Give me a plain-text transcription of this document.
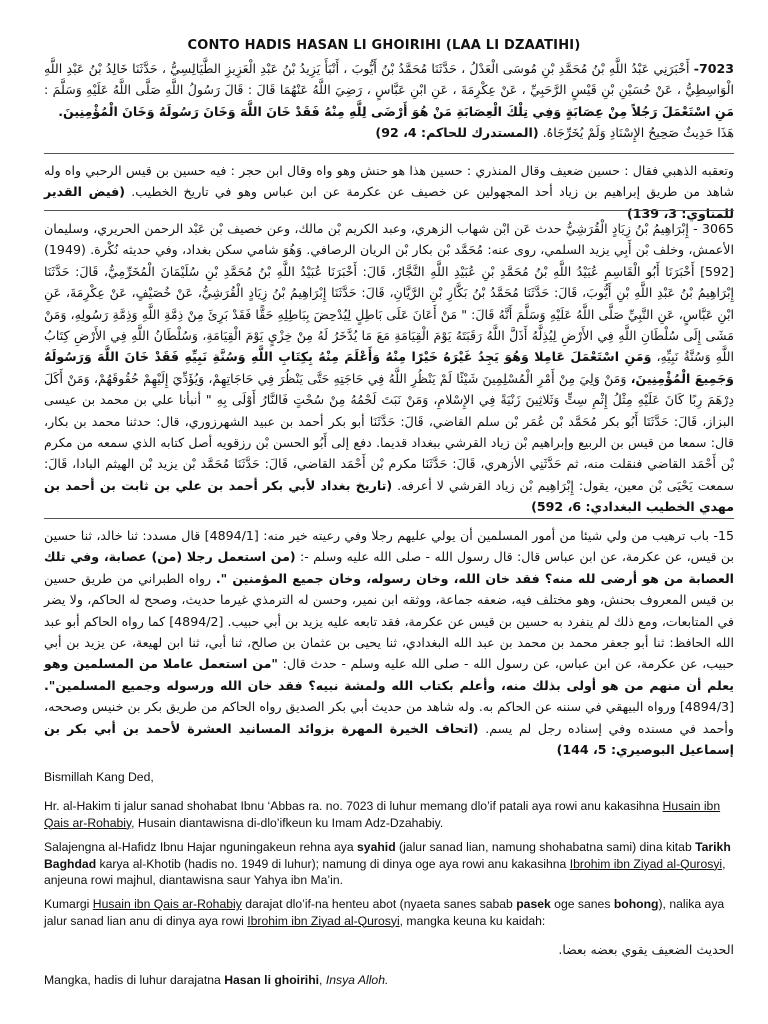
CONTO HADIS HASAN LI GHOIRIHI (LAA LI DZAATIHI)

7023- أَخْبَرَنِي عَبْدُ اللَّهِ بْنُ مُحَمَّدِ بْنِ مُوسَى الْعَدْلُ ، حَدَّثَنَا مُحَمَّدُ بْنُ أَيُّوبَ ، أَنْبَأَ يَزِيدُ بْنُ عَبْدِ الْعَزِيزِ الطَّيَالِسِيُّ ، حَدَّثَنَا خَالِدُ بْنُ عَبْدِ اللَّهِ الْوَاسِطِيُّ ، عَنْ حُسَيْنِ بْنِ قَيْسٍ الرَّحَبِيِّ ، عَنْ عِكْرِمَةَ ، عَنِ ابْنِ عَبَّاسٍ ، رَضِيَ اللَّهُ عَنْهُمَا قَالَ : قَالَ رَسُولُ اللَّهِ صَلَّى اللَّهُ عَلَيْهِ وَسَلَّمَ : مَنِ اسْتَعْمَلَ رَجُلاً مِنْ عِصَابَةٍ وَفِي تِلْكَ الْعِصَابَةِ مَنْ هُوَ أَرْضَى لِلَّهِ مِنْهُ فَقَدْ خَانَ اللَّهَ وَخَانَ رَسُولَهُ وَخَانَ الْمُؤْمِنِينَ.

هَذَا حَدِيثٌ صَحِيحُ الإِسْنَادِ وَلَمْ يُخَرِّجَاهُ. (المستدرك للحاكم: 4، 92)

وتعقبه الذهبي فقال : حسين ضعيف وقال المنذري : حسين هذا هو حنش وهو واه وقال ابن حجر : فيه حسين بن قيس الرحبي واه وله شاهد من طريق إبراهيم بن زياد أحد المجهولين عن خصيف عن عكرمة عن ابن عباس وهو في تاريخ الخطيب. (فيض القدير للمناوي: 3، 139)

3065 - إِبْرَاهِيمُ بْنُ زِيَادٍ الْقُرَشِيُّ حدث عَن ابْن شهاب الزهري، وعبد الكريم بْن مالك، وعن خصيف بْن عَبْد الرحمن الحريري، وسليمان الأعمش، وخلف بْن أَبِي يزيد السلمي، روى عنه: مُحَمَّد بْن بكار بْن الريان الرصافي. وَهُوَ شامي سكن بغداد، وفي حديثه نُكْرة. (1949) [592] أَخْبَرَنَا أَبُو الْقَاسِمِ عُبَيْدُ اللَّهِ بْنُ مُحَمَّدِ بْنِ عُبَيْدِ اللَّهِ النَّجَّارُ، قَالَ: أَخْبَرَنَا عُبَيْدُ اللَّهِ بْنُ مُحَمَّدِ بْنِ سُلَيْمَانَ الْمُخَرِّمِيُّ، قَالَ: حَدَّثَنَا إِبْرَاهِيمُ بْنُ عَبْدِ اللَّهِ بْنِ أَيُّوبَ، قَالَ: حَدَّثَنَا مُحَمَّدُ بْنُ بَكَّارِ بْنِ الرَّيَّانِ، قَالَ: حَدَّثَنَا إِبْرَاهِيمُ بْنُ زِيَادٍ الْقُرَشِيُّ، عَنْ خُصَيْفٍ، عَنْ عِكْرِمَةَ، عَنِ ابْنِ عَبَّاسٍ، عَنِ النَّبِيِّ صَلَّى اللَّهُ عَلَيْهِ وَسَلَّمَ أَنَّهُ قَالَ: " مَنْ أَعَانَ عَلَى بَاطِلٍ لِيُدْحِضَ بِبَاطِلِهِ حَقًّا فَقَدْ بَرِئَ مِنْ ذِمَّةِ اللَّهِ وَذِمَّةِ رَسُولِهِ، وَمَنْ مَشَى إِلَى سُلْطَانِ اللَّهِ فِي الأَرْضِ لِيُذِلَّهُ أَذَلَّ اللَّهُ رَقَبَتَهُ يَوْمَ الْقِيَامَةِ مَعَ مَا يُدَّخَرُ لَهُ مِنْ خِزْيٍ يَوْمَ الْقِيَامَةِ، وَسُلْطَانُ اللَّهِ فِي الأَرْضِ كِتَابُ اللَّهِ وَسُنَّةُ نَبِيِّهِ، وَمَنِ اسْتَعْمَلَ عَامِلا وَهُوَ يَجِدُ غَيْرَهُ خَيْرًا مِنْهُ وَأَعْلَمَ مِنْهُ بِكِتَابِ اللَّهِ وَسُنَّةِ نَبِيِّهِ فَقَدْ خَانَ اللَّهَ وَرَسُولَهُ وَجَمِيعَ الْمُؤْمِنِينَ، وَمَنْ وَلِيَ مِنْ أَمْرِ الْمُسْلِمِينَ شَيْئًا لَمْ يَنْظُرِ اللَّهُ فِي حَاجَتِهِ حَتَّى يَنْظُرَ فِي حَاجَاتِهِمْ، وَيُؤَدِّيَ إِلَيْهِمْ حُقُوقَهُمْ، وَمَنْ أَكَلَ دِرْهَمَ رِبًا كَانَ عَلَيْهِ مِثْلُ إِثْمِ سِتٍّ وَثَلاثِينَ زَنْيَةً فِي الإِسْلامِ، وَمَنْ نَبَتَ لَحْمُهُ مِنْ سُحْتٍ فَالنَّارُ أَوْلَى بِهِ " أنبأنا علي بن محمد بن عيسى البزاز، قَالَ: حَدَّثَنَا أَبُو بكر مُحَمَّد بْن عُمَر بْن سلم القاضي، قَالَ: حَدَّثَنَا أبو بكر أحمد بن عبيد الشهرزوري، قال: حدثنا محمد بن بكار، قال: سمعا من قيس بن الربيع وإبراهيم بْن زياد القرشي ببغداد قديما. دفع إلى أَبُو الحسن بْن رزقويه أصل كتابه الذي سمعه من مكرم بْن أَحْمَد القاضي فنقلت منه، ثم حَدَّثَنِي الأزهري، قَالَ: حَدَّثَنَا مكرم بْن أَحْمَد القاضي، قَالَ: حَدَّثَنَا مُحَمَّد بْن يزيد بْن الهيثم البادا، قَالَ: سمعت يَحْيَى بْن معين، يقول: إِبْرَاهِيم بْن زياد القرشي لا أعرفه. (تاريخ بغداد لأبي بكر أحمد بن علي بن ثابت بن أحمد بن مهدي الخطيب البغدادي: 6، 592)

15- باب ترهيب من ولي شيئا من أمور المسلمين أن يولي عليهم رجلا وفي رعيته خير منه: [4894/1] قال مسدد: ثنا خالد، ثنا حسين بن قيس، عن عكرمة، عن ابن عباس قال: قال رسول الله - صلى الله عليه وسلم -: (من استعمل رجلا (من) عصابة، وفي تلك العصابة من هو أرضى لله منه؟ فقد خان الله، وخان رسوله، وخان جميع المؤمنين ". رواه الطبراني من طريق حسين بن قيس المعروف بحنش، وهو مختلف فيه، ضعفه جماعة، ووثقه ابن نمير، وحسن له الترمذي غيرما حديث، وصحح له الحاكم، ولا يضر في المتابعات، ومع ذلك لم ينفرد به حسين بن قيس عن عكرمة، فقد تابعه عليه يزيد بن أبي حبيب. [4894/2] كما رواه الحاكم أبو عبد الله الحافظ: ثنا أبو جعفر محمد بن محمد بن عبد الله البغدادي، ثنا يحيى بن عثمان بن صالح، ثنا أبي، ثنا ابن لهيعة، عن يزيد بن أبي حبيب، عن عكرمة، عن ابن عباس، عن رسول الله - صلى الله عليه وسلم - حدث قال: "من استعمل عاملا من المسلمين وهو يعلم أن منهم من هو أولى بذلك منه، وأعلم بكتاب الله ولمشة نبيه؟ فقد خان الله ورسوله وجميع المسلمين". [4894/3] ورواه البيهقي في سننه عن الحاكم به. وله شاهد من حديث أبي بكر الصديق رواه الحاكم من طريق بكر بن خنيس وصححه، وأحمد في مسنده وفي إسناده رجل لم يسم. (اتحاف الخيرة المهرة بزوائد المسانيد العشرة لأحمد بن أبي بكر بن إسماعيل البوصيري: 5، 144)

Bismillah Kang Ded,

Hr. al-Hakim ti jalur sanad shohabat Ibnu ‘Abbas ra. no. 7023 di luhur memang dlo’if patali aya rowi anu kakasihna Husain ibn Qais ar-Rohabiy, Husain diantawisna di-dlo’ifkeun ku Imam Adz-Dzahabiy.

Salajengna al-Hafidz Ibnu Hajar nguningakeun rehna aya syahid (jalur sanad lian, namung shohabatna sami) dina kitab Tarikh Baghdad karya al-Khotib (hadis no. 1949 di luhur); namung di dinya oge aya rowi anu kakasihna Ibrohim ibn Ziyad al-Qurosyi, anjeuna rowi majhul, diantawisna saur Yahya ibn Ma’in.

Kumargi Husain ibn Qais ar-Rohabiy darajat dlo’if-na henteu abot (nyaeta sanes sabab pasek oge sanes bohong), nalika aya jalur sanad lian anu di dinya aya rowi Ibrohim ibn Ziyad al-Qurosyi, mangka keuna ku kaidah:

الحديث الضعيف يقوي بعضه بعضا.

Mangka, hadis di luhur darajatna Hasan li ghoirihi, Insya Alloh.
